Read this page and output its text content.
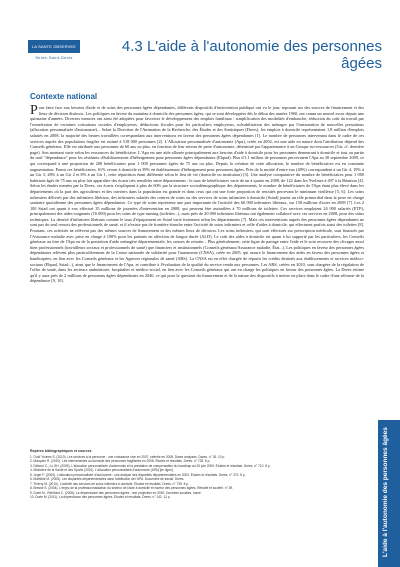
LA SANTE OBSERVEE
Seine-Saint-Denis
4.3 L'aide à l'autonomie des personnes âgées
Contexte national

Pour faire face aux besoins d'aide et de soins des personnes âgées dépendantes, différents dispositifs d'intervention publique ont vu le jour, reposant sur des sources de financement et des lieux de décision distincts. Les politiques en faveur du maintien à domicile des personnes âgées, qui se sont développées dès le début des années 1960, ont connu un nouvel essor depuis une quinzaine d'années. Diverses mesures ont ainsi été adoptées pour favoriser le développement des emplois familiaux : simplification des modalités d'embauche, réduction du coût du travail par l'exonération de certaines cotisations sociales d'employeurs, déductions fiscales pour les particuliers employeurs, solvabilisation des ménages par l'instauration de nouvelles prestations (allocation personnalisée d'autonomie)... Selon la Direction de l'Animation de la Recherche, des Études et des Statistiques (Drees), les emplois à domicile représentaient 1,8 million d'emplois salariés en 2008, la majorité des heures travaillées correspondant aux interventions en faveur des personnes âgées dépendantes [1]. Le nombre de personnes intervenant dans le cadre de ces services auprès des populations fragiles est estimé à 518 000 personnes [2]. L'Allocation personnalisée d'autonomie (Apa), créée en 2002, est une aide en nature dont l'attribution dépend des Conseils généraux. Elle est attribuée aux personnes de 60 ans ou plus, en fonction de leur niveau de perte d'autonomie, déterminé par l'appartenance à un Groupe iso-ressources (Gir, cf. dernière page). Son montant varie selon les ressources du bénéficiaire. L'Apa est une aide allouée principalement aux besoins d'aide à domicile pour les personnes demeurant à domicile et tout ou partie du tarif "dépendance" pour les résidants d'établissements d'hébergement pour personnes âgées dépendantes (Ehpad). Plus d'1,1 million de personnes percevaient l'Apa au 30 septembre 2009, ce qui correspond à une proportion de 208 bénéficiaires pour 1 000 personnes âgées de 75 ans ou plus. Depuis la création de cette allocation, le nombre de bénéficiaires est en constante augmentation. Parmi ces bénéficiaires, 61% vivent à domicile et 39% en établissement d'hébergement pour personnes âgées. Près de la moitié d'entre eux (48%) correspondent à un Gir 4, 19% à un Gir 3, 28% à un Gir 2 et 8% à un Gir 1, cette répartition étant différente selon le lieu de vie (domicile ou institution) [3]. Une analyse comparative du nombre de bénéficiaires pour 1 000 habitants âgés de 75 ans ou plus fait apparaître des écarts très sensibles entre départements : le taux de bénéficiaires varie de un à quatre en 2008, de 122 dans les Yvelines à 497 à la Réunion [4]. Selon les études menées par la Drees, ces écarts s'expliquent à plus de 60% par la structure sociodémographique des départements, le nombre de bénéficiaires de l'Apa étant plus élevé dans les départements où la part des agriculteurs et des ouvriers dans la population est grande et dans ceux qui ont une forte proportion de retraités percevant le minimum vieillesse [5, 6]. Les soins infirmiers délivrés par des infirmiers libéraux, des infirmiers salariés des centres de soins ou des services de soins infirmiers à domicile (Ssiad) jouent un rôle primordial dans la prise en charge sanitaire quotidienne des personnes âgées dépendantes. Ce type de soins représente une part importante de l'activité des 60 000 infirmiers libéraux, sur 158 millions d'actes en 2008 [7]. Les 2 100 Ssiad ont quant à eux effectué 35 millions de journées d'intervention en 2008, qui peuvent être assimilées à 70 millions de toilettes. Ces services emploient 24 000 salariés (ETP), principalement des aides-soignants (16 000) pour les soins de type nursing (toilettes...), mais près de 20 000 infirmiers libéraux ont également collaboré avec ces services en 2008, pour des soins techniques. La densité d'infirmiers libéraux comme le taux d'équipement en Ssiad varie fortement selon les départements [7]. Mais ces interventions auprès des personnes âgées dépendantes ne sont pas du seul ressort des professionnels de santé, et il n'existe pas de frontière étanche entre l'activité de soins infirmiers et celle d'aides à domicile, qui effectuent parfois aussi des toilettes [8]. Pourtant, ces activités ne relèvent pas des mêmes sources de financement ni des mêmes lieux de décision. Les soins infirmiers, qui sont effectués sur prescription médicale, sont financés par l'Assurance maladie avec prise en charge à 100% pour les patients en affection de longue durée (ALD). Le coût des aides à domicile est quant à lui supporté par les particuliers, les Conseils généraux au titre de l'Apa ou de la prestation d'aide ménagère départementale, les caisses de retraite... Plus généralement, cette ligne de partage entre l'aide et le soin recouvre des clivages aussi bien professionnels (travailleurs sociaux et professionnels de santé) que financiers et institutionnels (Conseils généraux/Assurance maladie, État...). Les politiques en faveur des personnes âgées dépendantes relèvent plus particulièrement de la Caisse nationale de solidarité pour l'autonomie (CNSA), créée en 2005, qui assure le financement des aides en faveur des personnes âgées et handicapées, en lien avec les Conseils généraux et les Agences régionales de santé (ARS). La CNSA est en effet chargée de répartir les crédits destinés aux établissements et services médico-sociaux (Ehpad, Ssiad...), ainsi que le financement de l'Apa, et contribue à l'évaluation de la qualité du service rendu aux personnes. Les ARS, créées en 2010, sont chargées de la régulation de l'offre de santé, dans les secteurs ambulatoire, hospitalier et médico-social, en lien avec les Conseils généraux qui ont en charge les politiques en faveur des personnes âgées. La Drees estime qu'il y aura près de 2 millions de personnes âgées dépendantes en 2040, ce qui pose la question du financement et de la nature des dispositifs à mettre en place dans le cadre d'une réforme de la dépendance [9, 10].

Repères bibliographiques et sources
1. Ould Younes S. (2010). Les services à la personne : une croissance vive en 2007, ralentie en 2008. Dares analyses. Dares. n° 26. 10 p.
2. Marquier R. (2010). Les intervenantes au domicile des personnes fragilisées en 2008. Études et résultats. Drees. n° 728. 8 p.
3. Débout C., Lo SH. (2009). L'allocation personnalisée d'autonomie et la prestation de compensation du handicap au 30 juin 2009. Études et résultats. Drees. n° 710. 8 p.
4. Ministère de la Santé et des Sports (2010). L'allocation personnalisée d'autonomie (APA) [en ligne].
5. Jeger F. (2005). L'allocation personnalisée d'autonomie : une analyse des disparités départementales en 2003. Études et résultats. Drees. n° 372. 8 p.
6. Mathilde M. (2005). Les disparités départementales dans l'attribution de l'APA. Document de travail. Drees.
7. Thierry M. (2010). L'activité des services de soins infirmiers à domicile. Études et résultats. Drees. n° 739. 8 p.
8. Bressé S. (2004). L'enjeu de la professionnalisation du secteur de l'aide à domicile en faveur des personnes âgées. Retraite et société. n° 39.
9. Duée M., Rebillard C. (2006). La dépendance des personnes âgées : une projection en 2040. Données sociales. Insee.
10. Duée M. (2011). La dépendance des personnes âgées. Études et résultats. Drees. n° 142. 11 p.	L'aide à l'autonomie des personnes âgées
